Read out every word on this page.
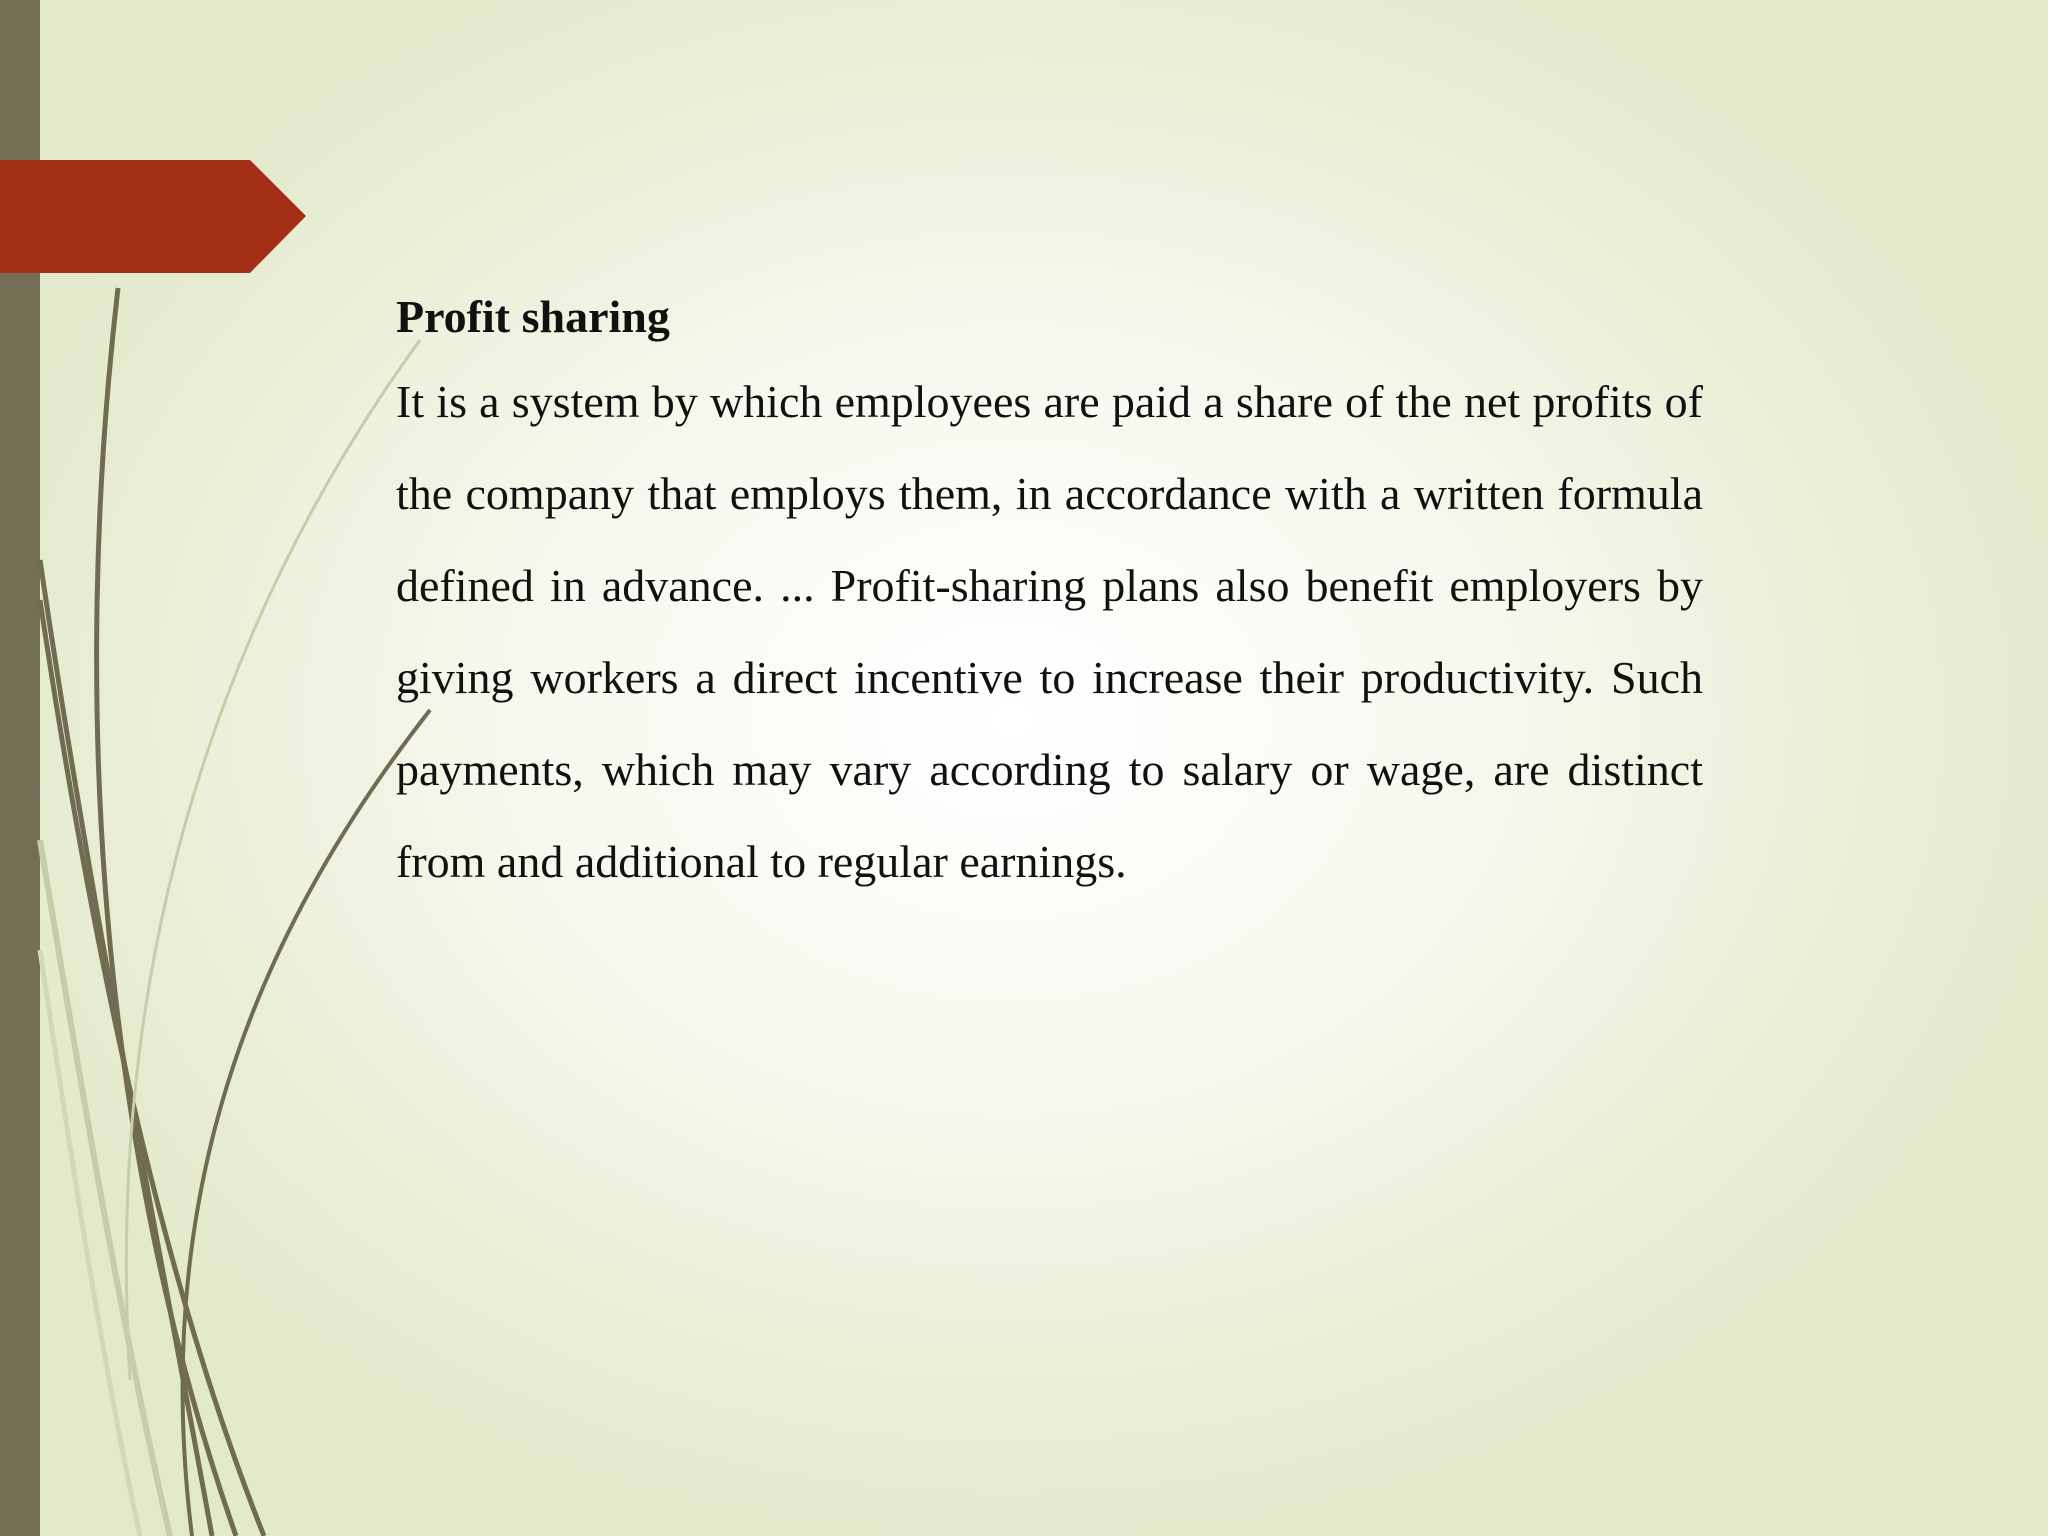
Profit sharing

It is a system by which employees are paid a share of the net profits of the company that employs them, in accordance with a written formula defined in advance. ... Profit-sharing plans also benefit employers by giving workers a direct incentive to increase their productivity. Such payments, which may vary according to salary or wage, are distinct from and additional to regular earnings.
